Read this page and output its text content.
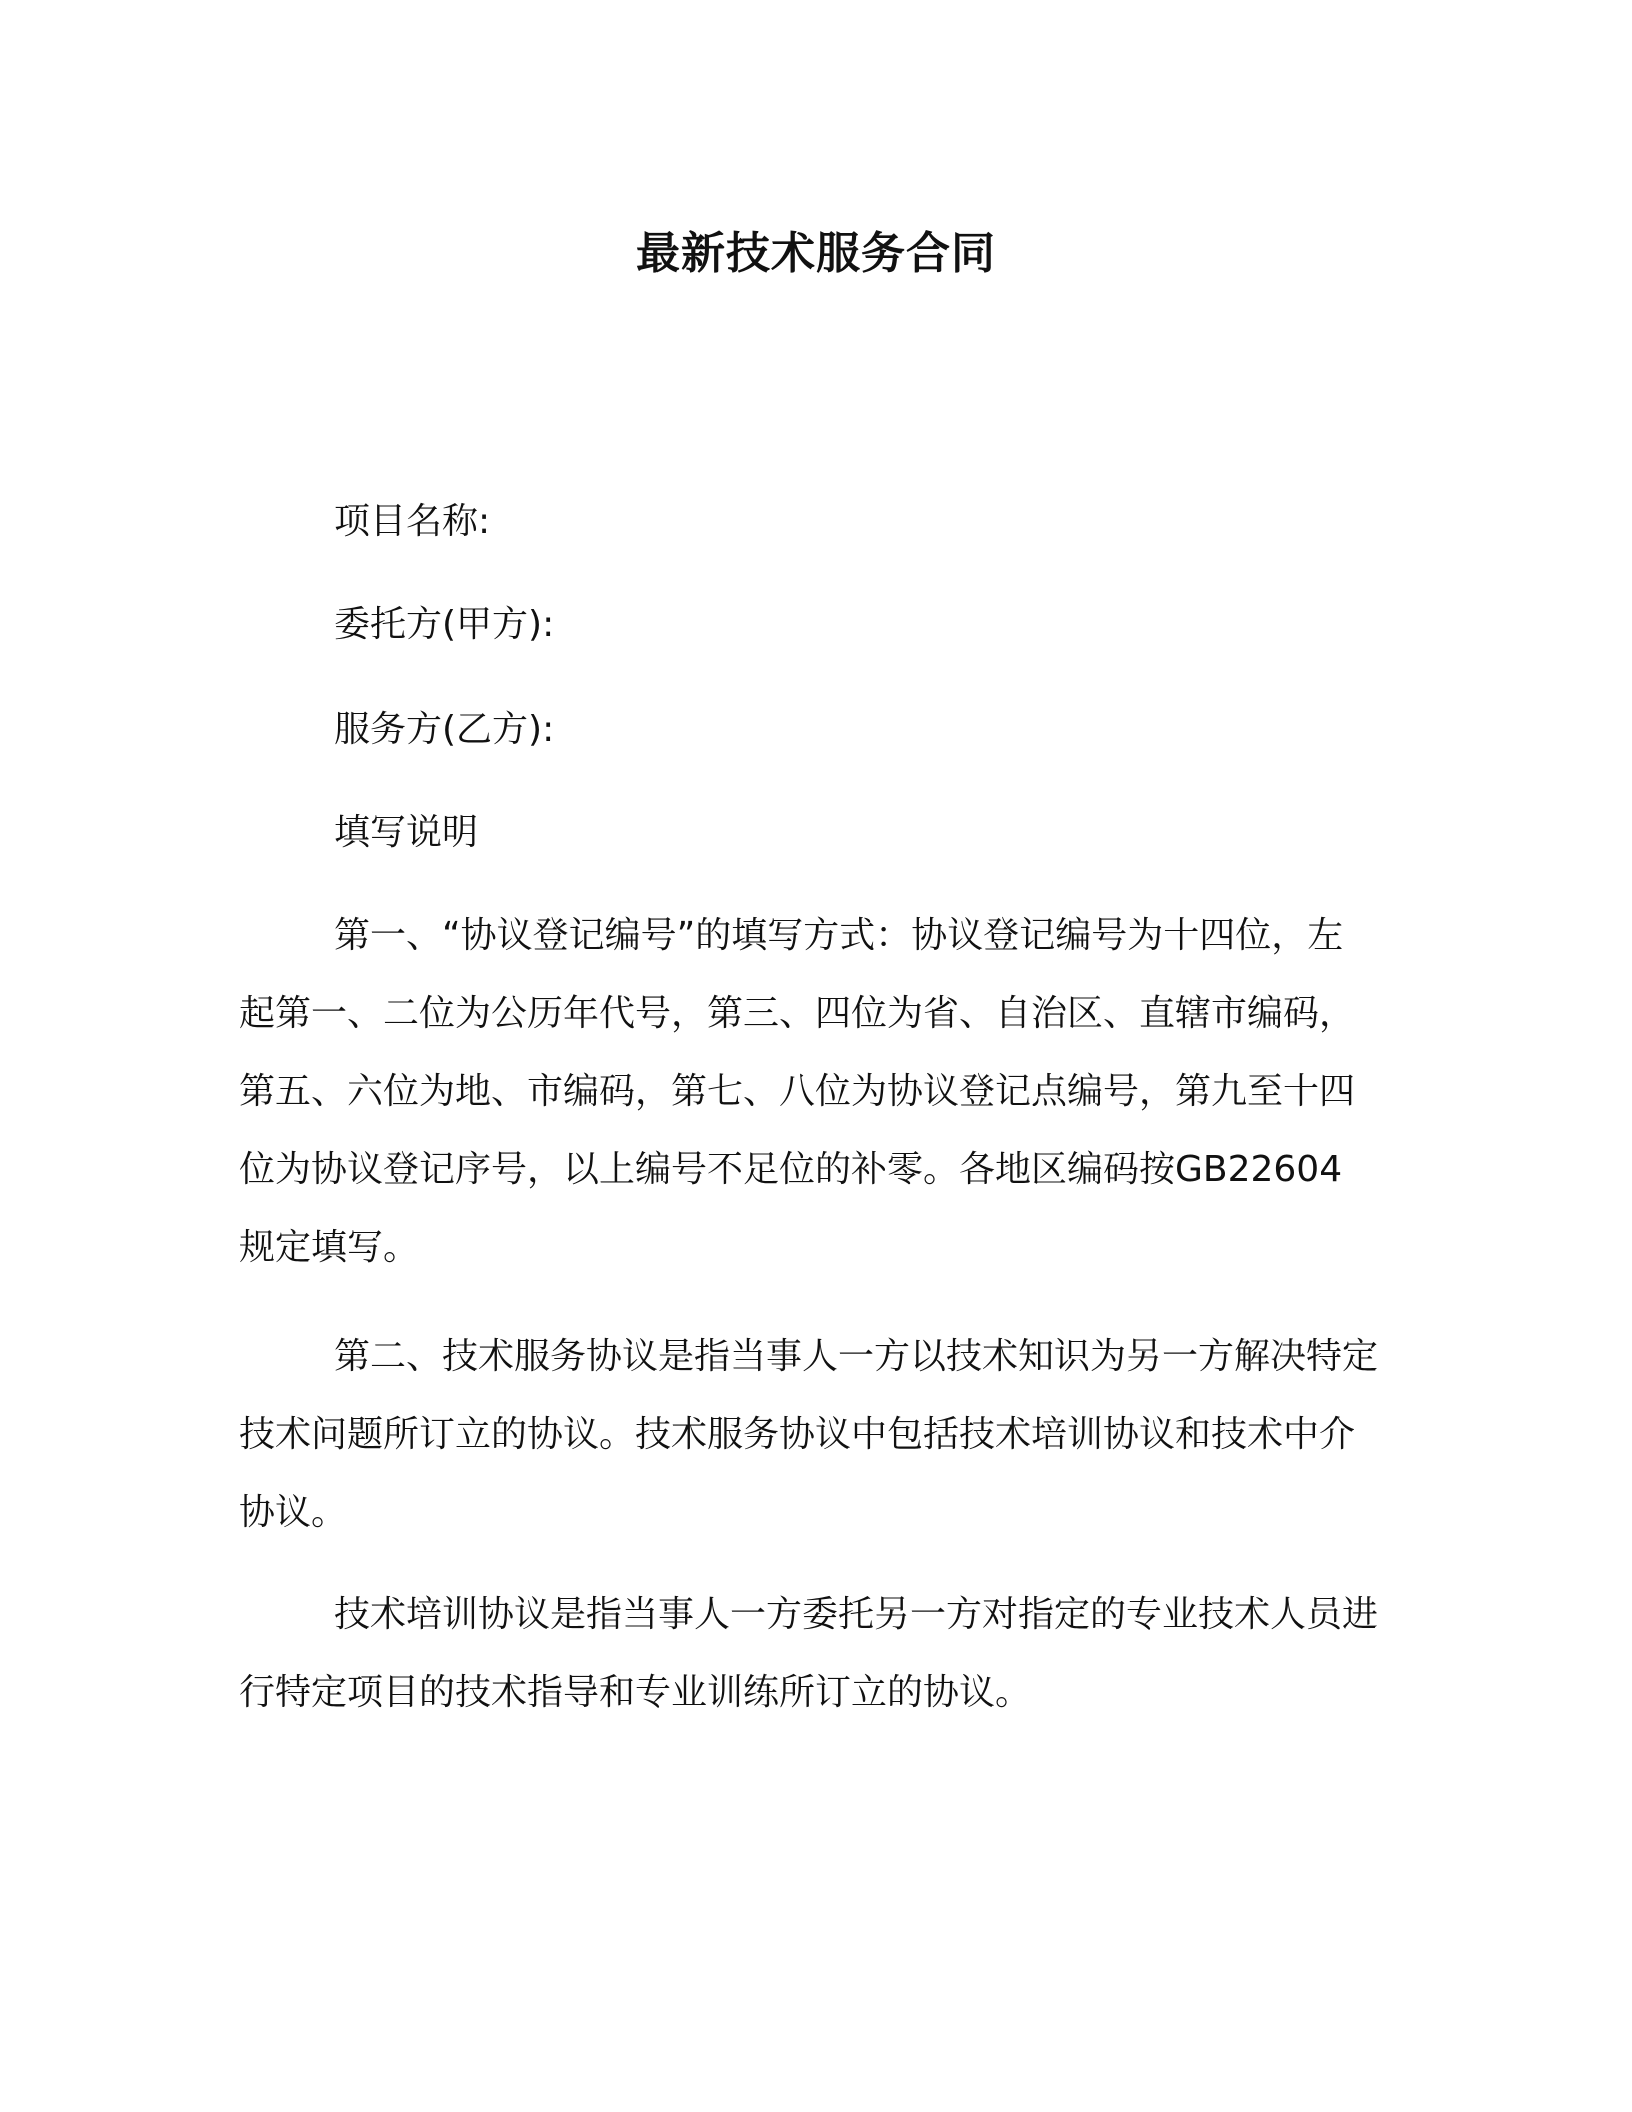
最新技术服务合同
项目名称:
委托方(甲方):
服务方(乙方):
填写说明

第一、“协议登记编号”的填写方式：协议登记编号为十四位，左起第一、二位为公历年代号，第三、四位为省、自治区、直辖市编码，第五、六位为地、市编码，第七、八位为协议登记点编号，第九至十四位为协议登记序号，以上编号不足位的补零。各地区编码按GB22604 规定填写。

第二、技术服务协议是指当事人一方以技术知识为另一方解决特定技术问题所订立的协议。技术服务协议中包括技术培训协议和技术中介协议。

技术培训协议是指当事人一方委托另一方对指定的专业技术人员进行特定项目的技术指导和专业训练所订立的协议。
